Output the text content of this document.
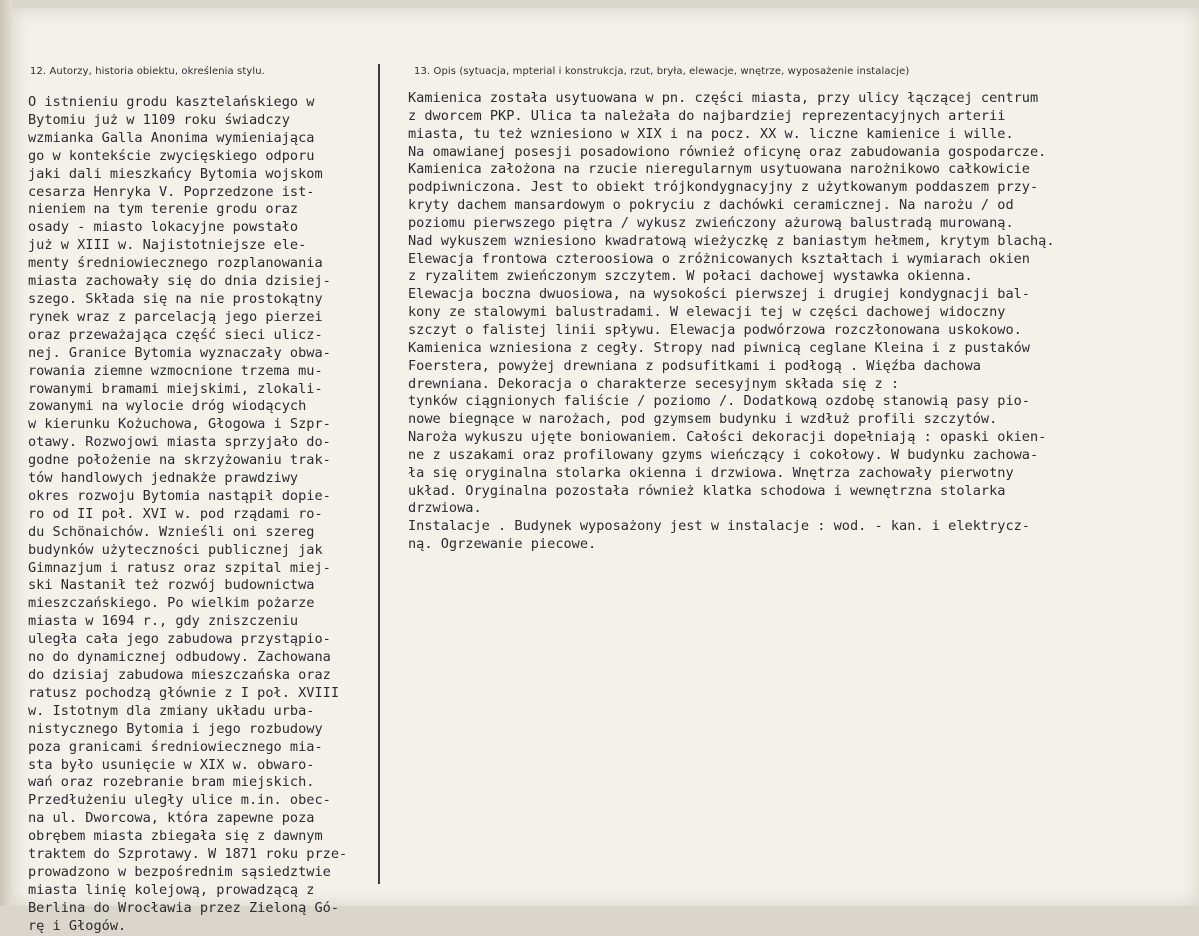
12. Autorzy, historia obiektu, określenia stylu.	13. Opis (sytuacja, mpterial i konstrukcja, rzut, bryła, elewacje, wnętrze, wyposażenie instalacje)
O istnieniu grodu kasztelańskiego w
Bytomiu już w 1109 roku świadczy
wzmianka Galla Anonima wymieniająca
go w kontekście zwycięskiego odporu
jaki dali mieszkańcy Bytomia wojskom
cesarza Henryka V. Poprzedzone ist-
nieniem na tym terenie grodu oraz
osady - miasto lokacyjne powstało
już w XIII w. Najistotniejsze ele-
menty średniowiecznego rozplanowania
miasta zachowały się do dnia dzisiej-
szego. Składa się na nie prostokątny
rynek wraz z parcelacją jego pierzei
oraz przeważająca część sieci ulicz-
nej. Granice Bytomia wyznaczały obwa-
rowania ziemne wzmocnione trzema mu-
rowanymi bramami miejskimi, zlokali-
zowanymi na wylocie dróg wiodących
w kierunku Kożuchowa, Głogowa i Szpr-
otawy. Rozwojowi miasta sprzyjało do-
godne położenie na skrzyżowaniu trak-
tów handlowych jednakże prawdziwy
okres rozwoju Bytomia nastąpił dopie-
ro od II poł. XVI w. pod rządami ro-
du Schönaichów. Wznieśli oni szereg
budynków użyteczności publicznej jak
Gimnazjum i ratusz oraz szpital miej-
ski Nastanił też rozwój budownictwa
mieszczańskiego. Po wielkim pożarze
miasta w 1694 r., gdy zniszczeniu
uległa cała jego zabudowa przystąpio-
no do dynamicznej odbudowy. Zachowana
do dzisiaj zabudowa mieszczańska oraz
ratusz pochodzą głównie z I poł. XVIII
w. Istotnym dla zmiany układu urba-
nistycznego Bytomia i jego rozbudowy
poza granicami średniowiecznego mia-
sta było usunięcie w XIX w. obwaro-
wań oraz rozebranie bram miejskich.
Przedłużeniu uległy ulice m.in. obec-
na ul. Dworcowa, która zapewne poza
obrębem miasta zbiegała się z dawnym
traktem do Szprotawy. W 1871 roku prze-
prowadzono w bezpośrednim sąsiedztwie
miasta linię kolejową, prowadzącą z
Berlina do Wrocławia przez Zieloną Gó-
rę i Głogów.
Kamienica została usytuowana w pn. części miasta, przy ulicy łączącej centrum
z dworcem PKP. Ulica ta należała do najbardziej reprezentacyjnych arterii
miasta, tu też wzniesiono w XIX i na pocz. XX w. liczne kamienice i wille.
Na omawianej posesji posadowiono również oficynę oraz zabudowania gospodarcze.
Kamienica założona na rzucie nieregularnym usytuowana narożnikowo całkowicie
podpiwniczona. Jest to obiekt trójkondygnacyjny z użytkowanym poddaszem przy-
kryty dachem mansardowym o pokryciu z dachówki ceramicznej. Na narożu / od
poziomu pierwszego piętra / wykusz zwieńczony ażurową balustradą murowaną.
Nad wykuszem wzniesiono kwadratową wieżyczkę z baniastym hełmem, krytym blachą.
Elewacja frontowa czteroosiowa o zróżnicowanych kształtach i wymiarach okien
z ryzalitem zwieńczonym szczytem. W połaci dachowej wystawka okienna.
Elewacja boczna dwuosiowa, na wysokości pierwszej i drugiej kondygnacji bal-
kony ze stalowymi balustradami. W elewacji tej w części dachowej widoczny
szczyt o falistej linii spływu. Elewacja podwórzowa rozczłonowana uskokowo.
Kamienica wzniesiona z cegły. Stropy nad piwnicą ceglane Kleina i z pustaków
Foerstera, powyżej drewniana z podsufitkami i podłogą . Więźba dachowa
drewniana. Dekoracja o charakterze secesyjnym składa się z :
tynków ciągnionych faliście / poziomo /. Dodatkową ozdobę stanowią pasy pio-
nowe biegnące w narożach, pod gzymsem budynku i wzdłuż profili szczytów.
Naroża wykuszu ujęte boniowaniem. Całości dekoracji dopełniają : opaski okien-
ne z uszakami oraz profilowany gzyms wieńczący i cokołowy. W budynku zachowa-
ła się oryginalna stolarka okienna i drzwiowa. Wnętrza zachowały pierwotny
układ. Oryginalna pozostała również klatka schodowa i wewnętrzna stolarka
drzwiowa.
Instalacje . Budynek wyposażony jest w instalacje : wod. - kan. i elektrycz-
ną. Ogrzewanie piecowe.
